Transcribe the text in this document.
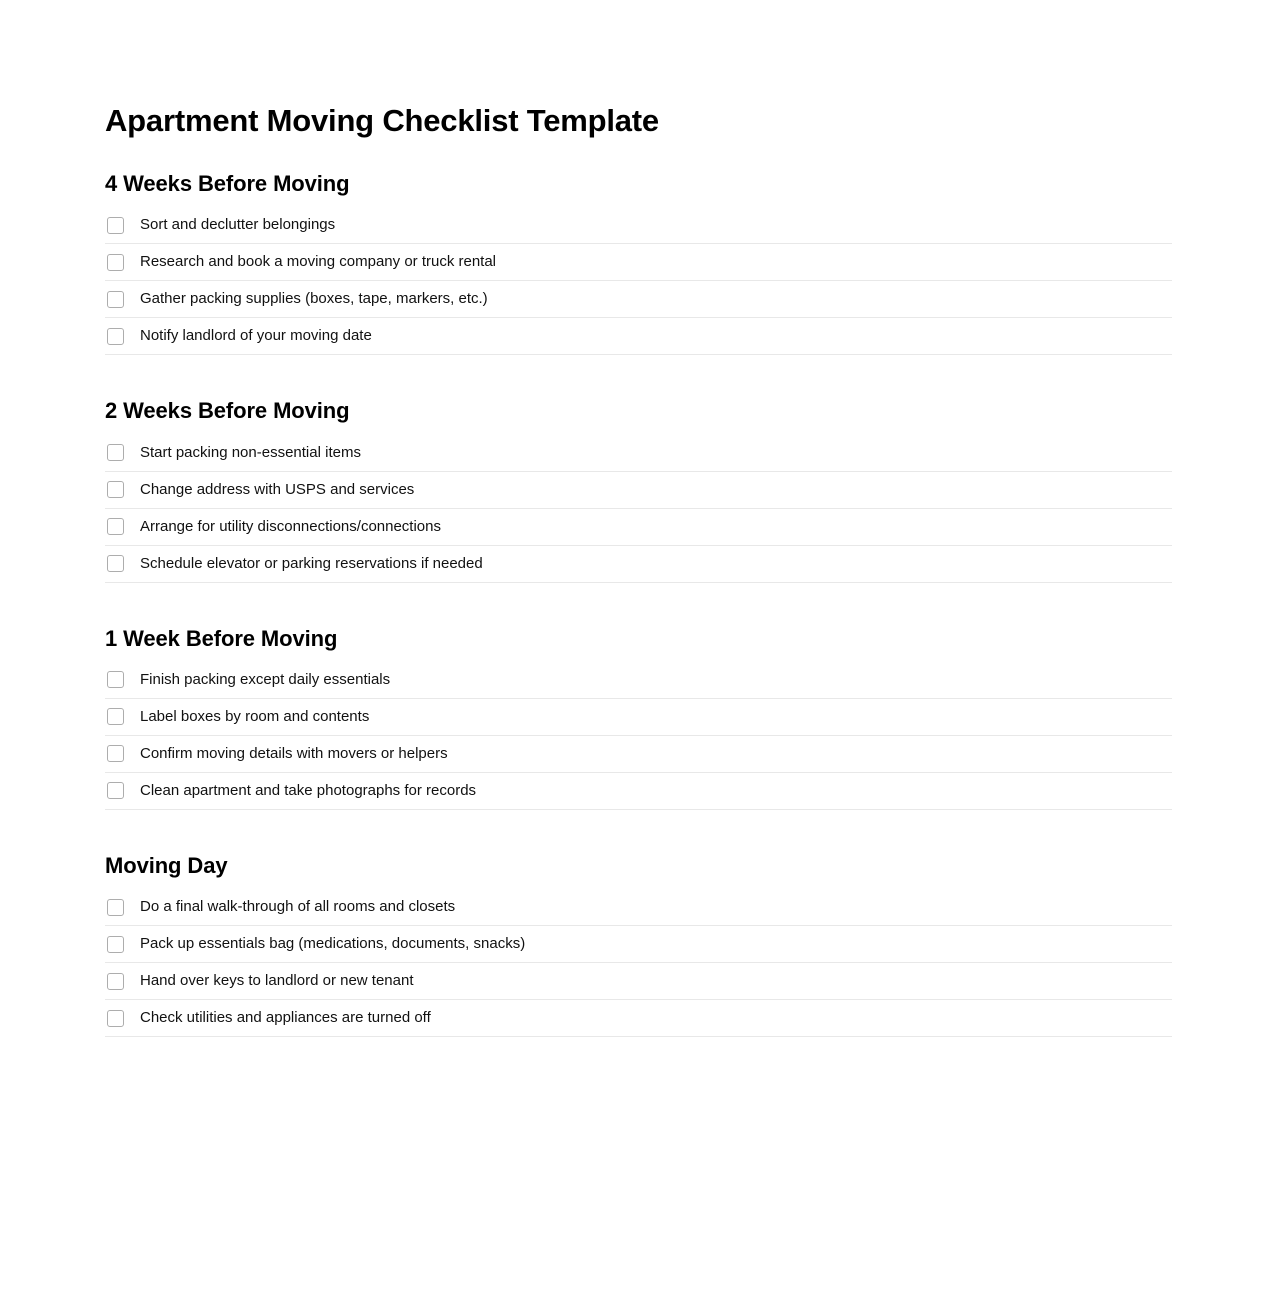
Apartment Moving Checklist Template
4 Weeks Before Moving
Sort and declutter belongings
Research and book a moving company or truck rental
Gather packing supplies (boxes, tape, markers, etc.)
Notify landlord of your moving date
2 Weeks Before Moving
Start packing non-essential items
Change address with USPS and services
Arrange for utility disconnections/connections
Schedule elevator or parking reservations if needed
1 Week Before Moving
Finish packing except daily essentials
Label boxes by room and contents
Confirm moving details with movers or helpers
Clean apartment and take photographs for records
Moving Day
Do a final walk-through of all rooms and closets
Pack up essentials bag (medications, documents, snacks)
Hand over keys to landlord or new tenant
Check utilities and appliances are turned off
